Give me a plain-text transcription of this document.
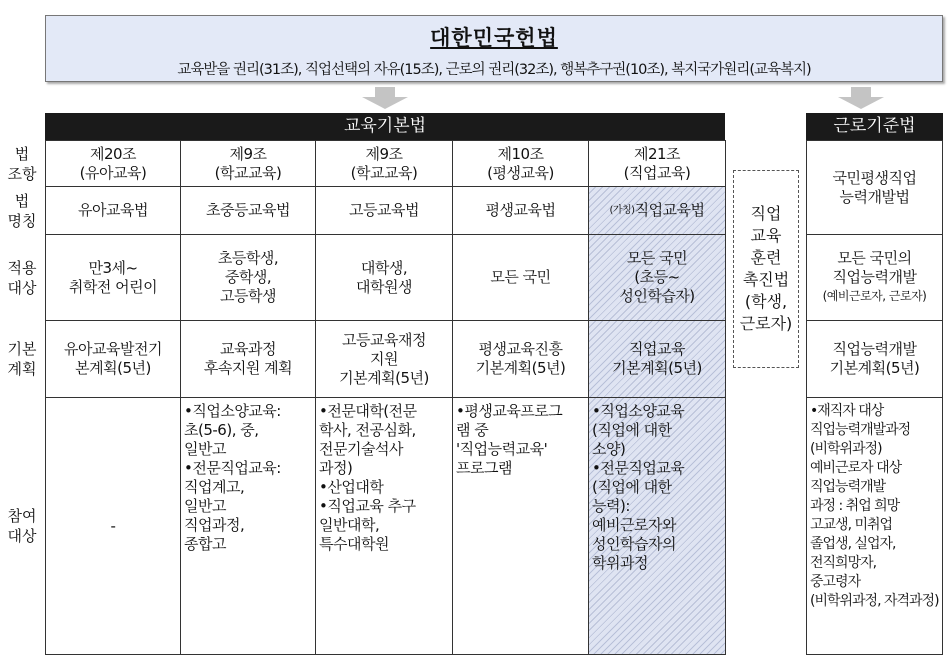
대한민국헌법
교육받을 권리(31조), 직업선택의 자유(15조), 근로의 권리(32조), 행복추구권(10조), 복지국가원리(교육복지)
교육기본법	근로기준법
법
조항
법
명칭
적용
대상
기본
계획
참여
대상
제20조
(유아교육)
유아교육법
만3세~
취학전 어린이
유아교육발전기
본계획(5년)
-
제9조
(학교교육)
초중등교육법
초등학생,
중학생,
고등학생
교육과정
후속지원 계획
•직업소양교육:
초(5-6), 중,
일반고
•전문직업교육:
직업계고,
일반고
직업과정,
종합고
제9조
(학교교육)
고등교육법
대학생,
대학원생
고등교육재정
지원
기본계획(5년)
•전문대학(전문
학사, 전공심화,
전문기술석사
과정)
•산업대학
•직업교육 추구
일반대학,
특수대학원
제10조
(평생교육)
평생교육법
모든 국민
평생교육진흥
기본계획(5년)
•평생교육프로그
램 중
'직업능력교육'
프로그램
제21조
(직업교육)
(가칭) 직업교육법
모든 국민
(초등~
성인학습자)
직업교육
기본계획(5년)
•직업소양교육
(직업에 대한
소양)
•전문직업교육
(직업에 대한
능력):
예비근로자와
성인학습자의
학위과정
직업
교육
훈련
촉진법
(학생,
근로자)
국민평생직업
능력개발법
모든 국민의
직업능력개발
(예비근로자, 근로자)
직업능력개발
기본계획(5년)
•재직자 대상
직업능력개발과정
(비학위과정)
예비근로자 대상
직업능력개발
과정 : 취업 희망
고교생, 미취업
졸업생, 실업자,
전직희망자,
중고령자
(비학위과정, 자격과정)
